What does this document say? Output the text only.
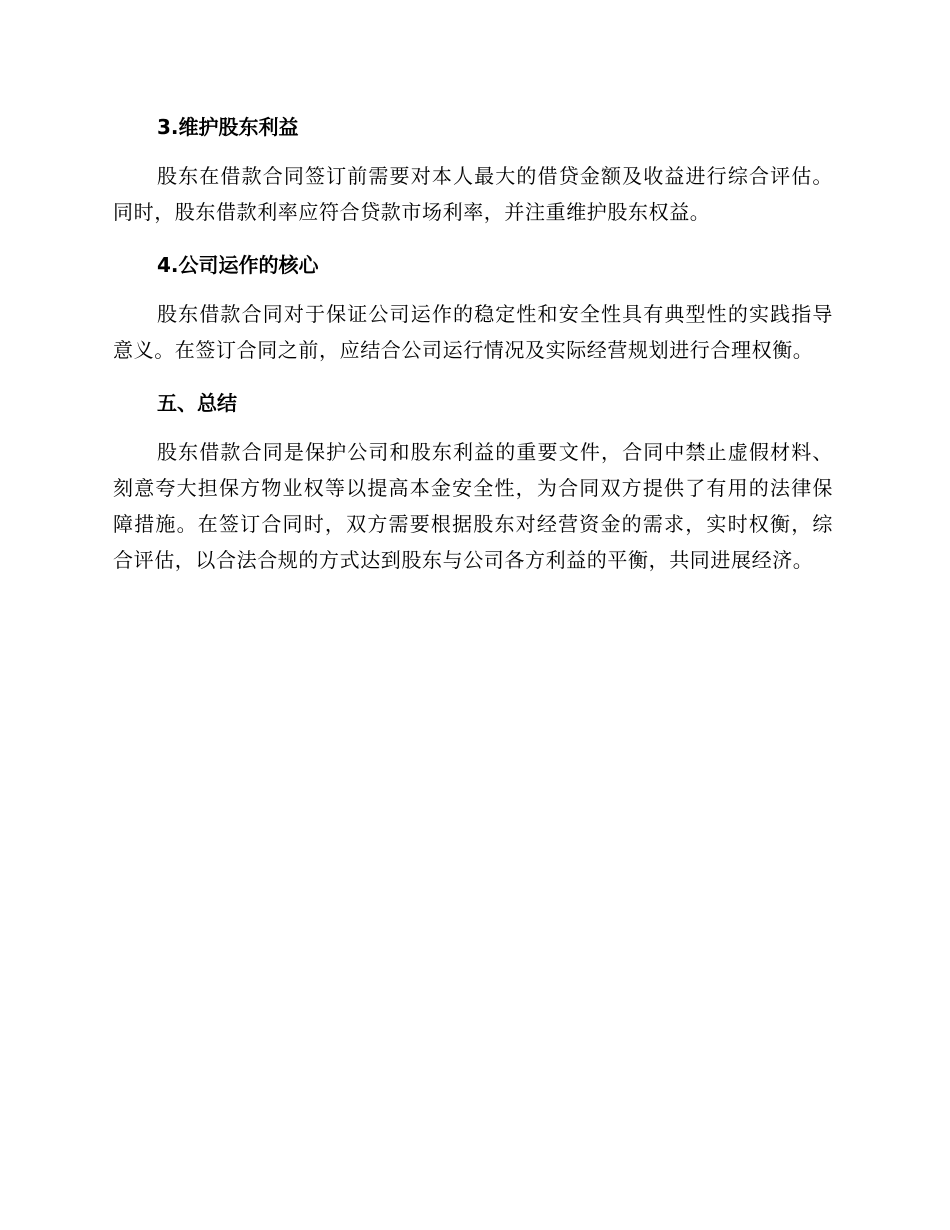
3.维护股东利益

股东在借款合同签订前需要对本人最大的借贷金额及收益进行综合评估。同时，股东借款利率应符合贷款市场利率，并注重维护股东权益。

4.公司运作的核心

股东借款合同对于保证公司运作的稳定性和安全性具有典型性的实践指导意义。在签订合同之前，应结合公司运行情况及实际经营规划进行合理权衡。

五、总结

股东借款合同是保护公司和股东利益的重要文件，合同中禁止虚假材料、刻意夸大担保方物业权等以提高本金安全性，为合同双方提供了有用的法律保障措施。在签订合同时，双方需要根据股东对经营资金的需求，实时权衡，综合评估，以合法合规的方式达到股东与公司各方利益的平衡，共同进展经济。
